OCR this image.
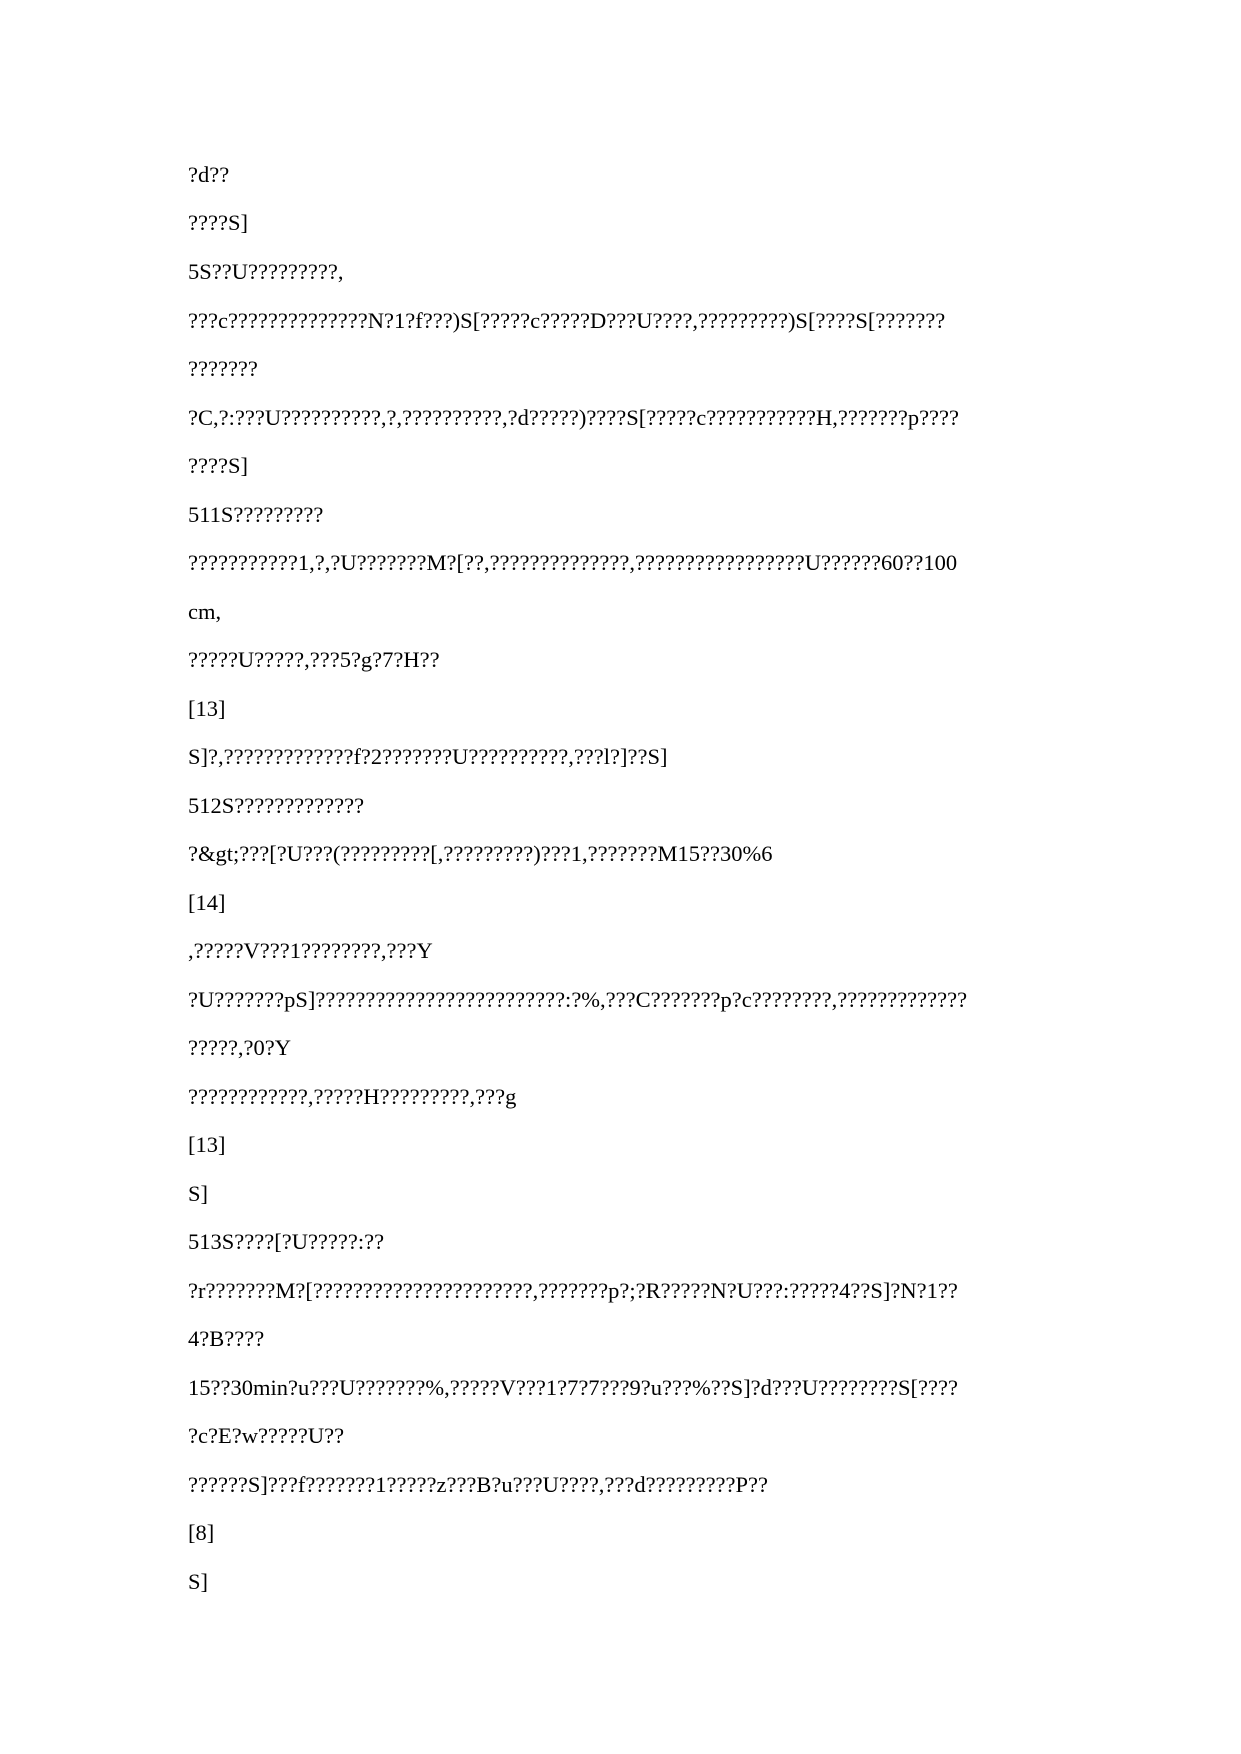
?d??

????S]

5S??U?????????,

???c??????????????N?1?f???)S[?????c?????D???U????,?????????)S[????S[???????

???????

?C,?:???U??????????,?,??????????,?d?????)????S[?????c???????????H,???????p????

????S]

511S?????????

???????????1,?,?U???????M?[??,??????????????,?????????????????U??????60??100

cm,

?????U?????,???5?g?7?H??

[13]

S]?,?????????????f?2???????U??????????,???l?]??S]

512S?????????????

?&gt;???[?U???(?????????[,?????????)???1,???????M15??30%6

[14]

,?????V???1????????,???Y

?U???????pS]?????????????????????????:?%,???C???????p?c????????,?????????????

?????,?0?Y

????????????,?????H?????????,???g

[13]

S]

513S????[?U?????:??

?r???????M?[??????????????????????,???????p?;?R?????N?U???:?????4??S]?N?1??

4?B????

15??30min?u???U???????%,?????V???1?7?7???9?u???%??S]?d???U????????S[????

?c?E?w?????U??

??????S]???f???????1?????z???B?u???U????,???d?????????P??

[8]

S]
